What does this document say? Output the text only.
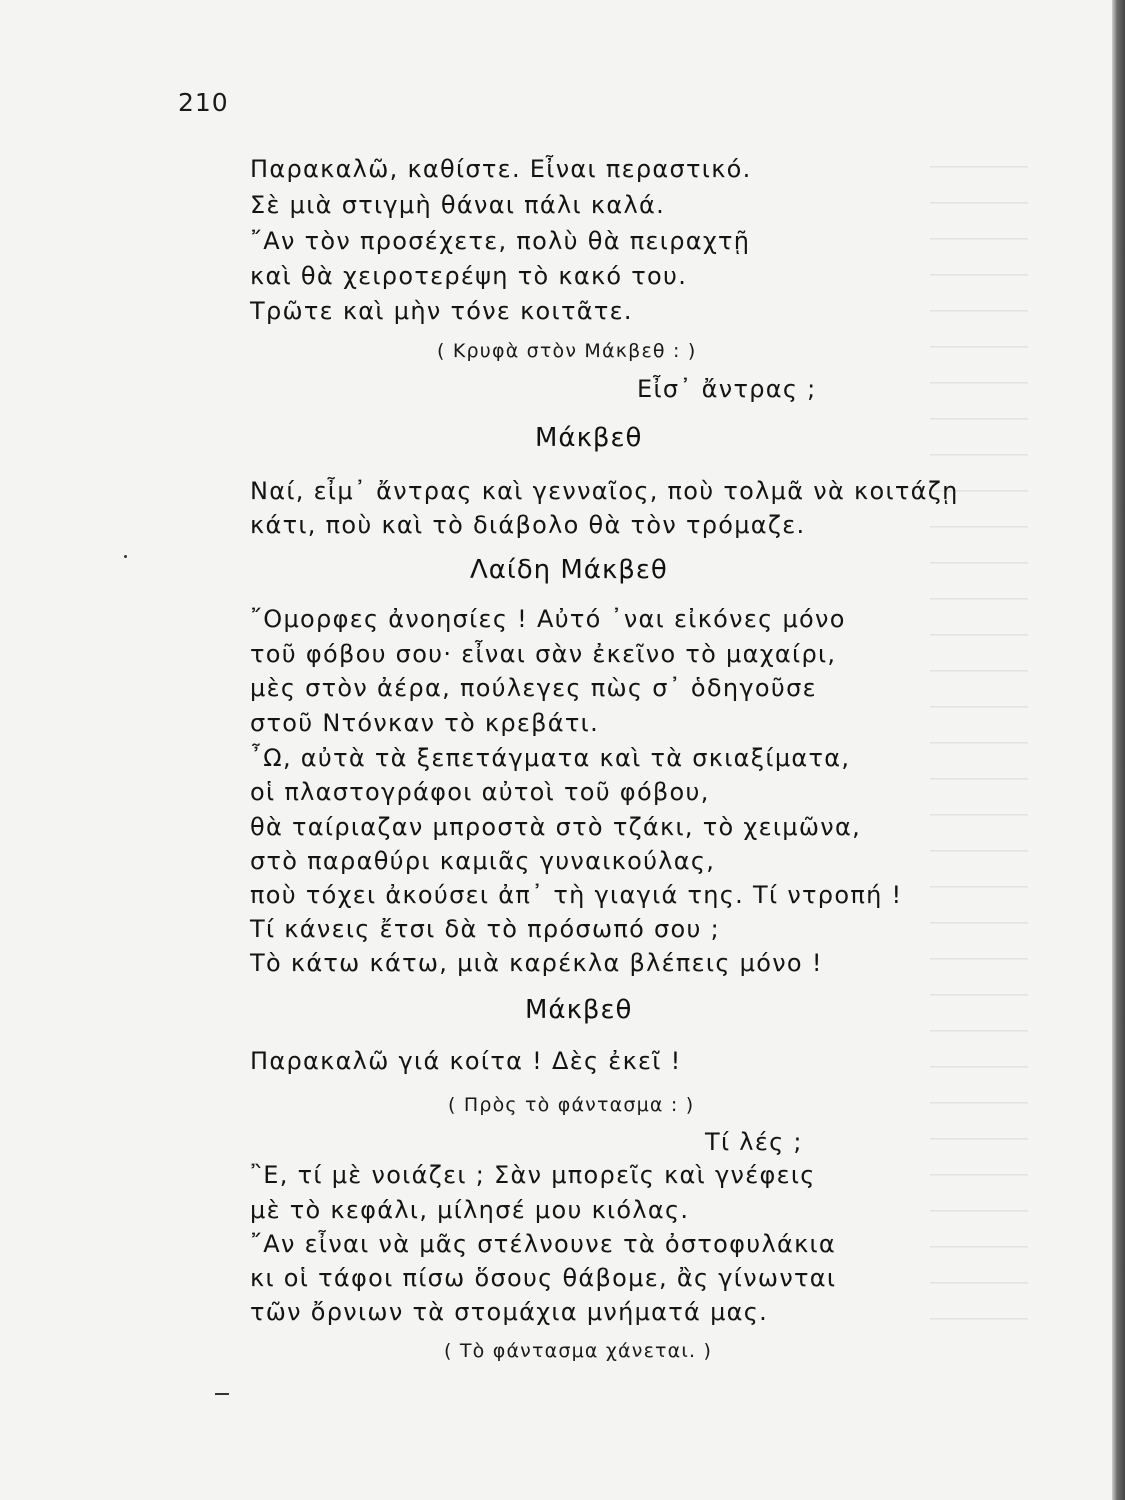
─────────
─────────
─────────
─────────
─────────
─────────
─────────
─────────
─────────
─────────
─────────
─────────
─────────
─────────
─────────
─────────
─────────
─────────
─────────
─────────
─────────
─────────
─────────
─────────
─────────
─────────
─────────
─────────
─────────
─────────
─────────
─────────
─────────
210
Παρακαλῶ, καθίστε. Εἶναι περαστικό.
Σὲ μιὰ στιγμὴ θάναι πάλι καλά.
῎Αν τὸν προσέχετε, πολὺ θὰ πειραχτῇ
καὶ θὰ χειροτερέψη τὸ κακό του.
Τρῶτε καὶ μὴν τόνε κοιτᾶτε.
( Κρυφὰ στὸν Μάκβεθ : )
Εἶσ᾽ ἄντρας ;
Μάκβεθ
Ναί, εἶμ᾽ ἄντρας καὶ γενναῖος, ποὺ τολμᾶ νὰ κοιτάζῃ
κάτι, ποὺ καὶ τὸ διάβολο θὰ τὸν τρόμαζε.
Λαίδη Μάκβεθ
῎Ομορφες ἀνοησίες ! Αὐτό ᾽ναι εἰκόνες μόνο
τοῦ φόβου σου· εἶναι σὰν ἐκεῖνο τὸ μαχαίρι,
μὲς στὸν ἀέρα, πούλεγες πὼς σ᾽ ὁδηγοῦσε
στοῦ Ντόνκαν τὸ κρεβάτι.
῏Ω, αὐτὰ τὰ ξεπετάγματα καὶ τὰ σκιαξίματα,
οἱ πλαστογράφοι αὐτοὶ τοῦ φόβου,
θὰ ταίριαζαν μπροστὰ στὸ τζάκι, τὸ χειμῶνα,
στὸ παραθύρι καμιᾶς γυναικούλας,
ποὺ τόχει ἀκούσει ἀπ᾽ τὴ γιαγιά της. Τί ντροπή !
Τί κάνεις ἔτσι δὰ τὸ πρόσωπό σου ;
Τὸ κάτω κάτω, μιὰ καρέκλα βλέπεις μόνο !
Μάκβεθ
Παρακαλῶ γιά κοίτα ! Δὲς ἐκεῖ !
( Πρὸς τὸ φάντασμα : )
Τί λές ;
῍Ε, τί μὲ νοιάζει ; Σὰν μπορεῖς καὶ γνέφεις
μὲ τὸ κεφάλι, μίλησέ μου κιόλας.
῎Αν εἶναι νὰ μᾶς στέλνουνε τὰ ὀστοφυλάκια
κι οἱ τάφοι πίσω ὅσους θάβομε, ἂς γίνωνται
τῶν ὄρνιων τὰ στομάχια μνήματά μας.
( Τὸ φάντασμα χάνεται. )
